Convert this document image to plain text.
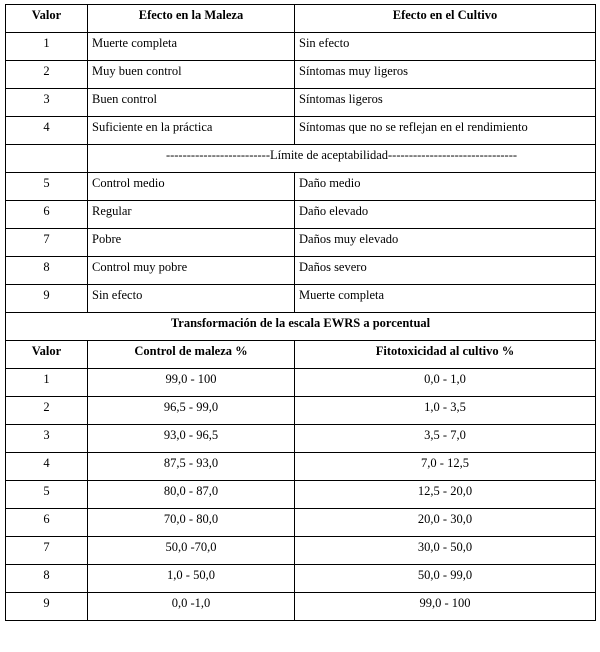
Valor	Efecto en la Maleza	Efecto en el Cultivo
1	Muerte completa	Sin efecto
2	Muy buen control	Síntomas muy ligeros
3	Buen control	Síntomas ligeros
4	Suficiente en la práctica	Síntomas que no se reflejan en el rendimiento
	-------------------------Límite de aceptabilidad-------------------------------	
5	Control medio	Daño medio
6	Regular	Daño elevado
7	Pobre	Daños muy elevado
8	Control muy pobre	Daños severo
9	Sin efecto	Muerte completa
Transformación de la escala EWRS a porcentual		
Valor	Control de maleza %	Fitotoxicidad al cultivo %
1	99,0 - 100	0,0 - 1,0
2	96,5 - 99,0	1,0 - 3,5
3	93,0 - 96,5	3,5 - 7,0
4	87,5 - 93,0	7,0 - 12,5
5	80,0 - 87,0	12,5 - 20,0
6	70,0 - 80,0	20,0 - 30,0
7	50,0 -70,0	30,0 - 50,0
8	1,0 - 50,0	50,0 - 99,0
9	0,0 -1,0	99,0 - 100
